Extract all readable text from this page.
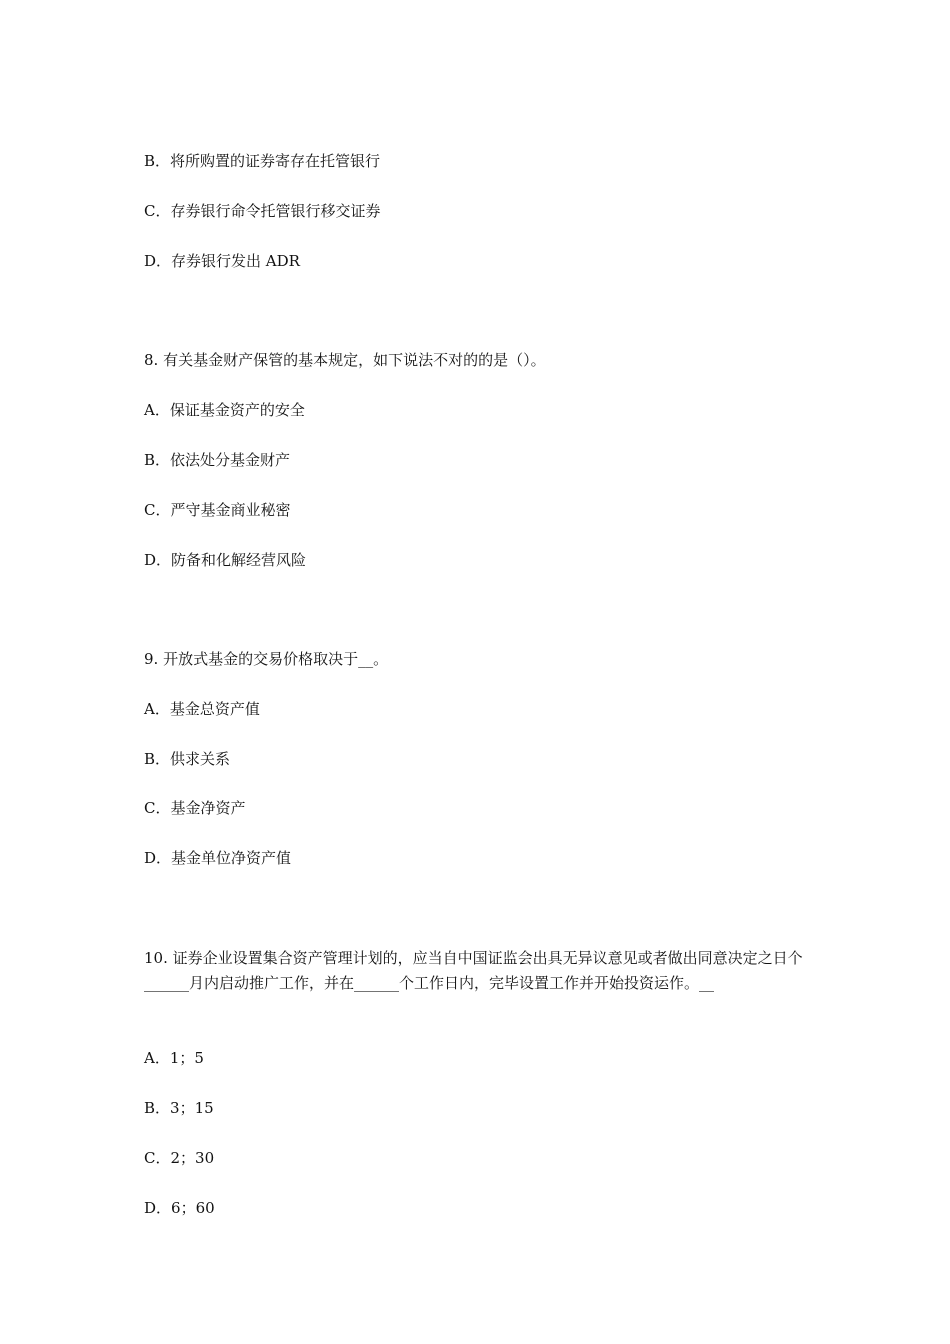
B．将所购置的证券寄存在托管银行
C．存券银行命令托管银行移交证券
D．存券银行发出 ADR
8. 有关基金财产保管的基本规定，如下说法不对的的是（）。
A．保证基金资产的安全
B．依法处分基金财产
C．严守基金商业秘密
D．防备和化解经营风险
9. 开放式基金的交易价格取决于__。
A．基金总资产值
B．供求关系
C．基金净资产
D．基金单位净资产值
10. 证券企业设置集合资产管理计划的，应当自中国证监会出具无异议意见或者做出同意决定之日个______月内启动推广工作，并在______个工作日内，完毕设置工作并开始投资运作。__
A．1；5
B．3；15
C．2；30
D．6；60
